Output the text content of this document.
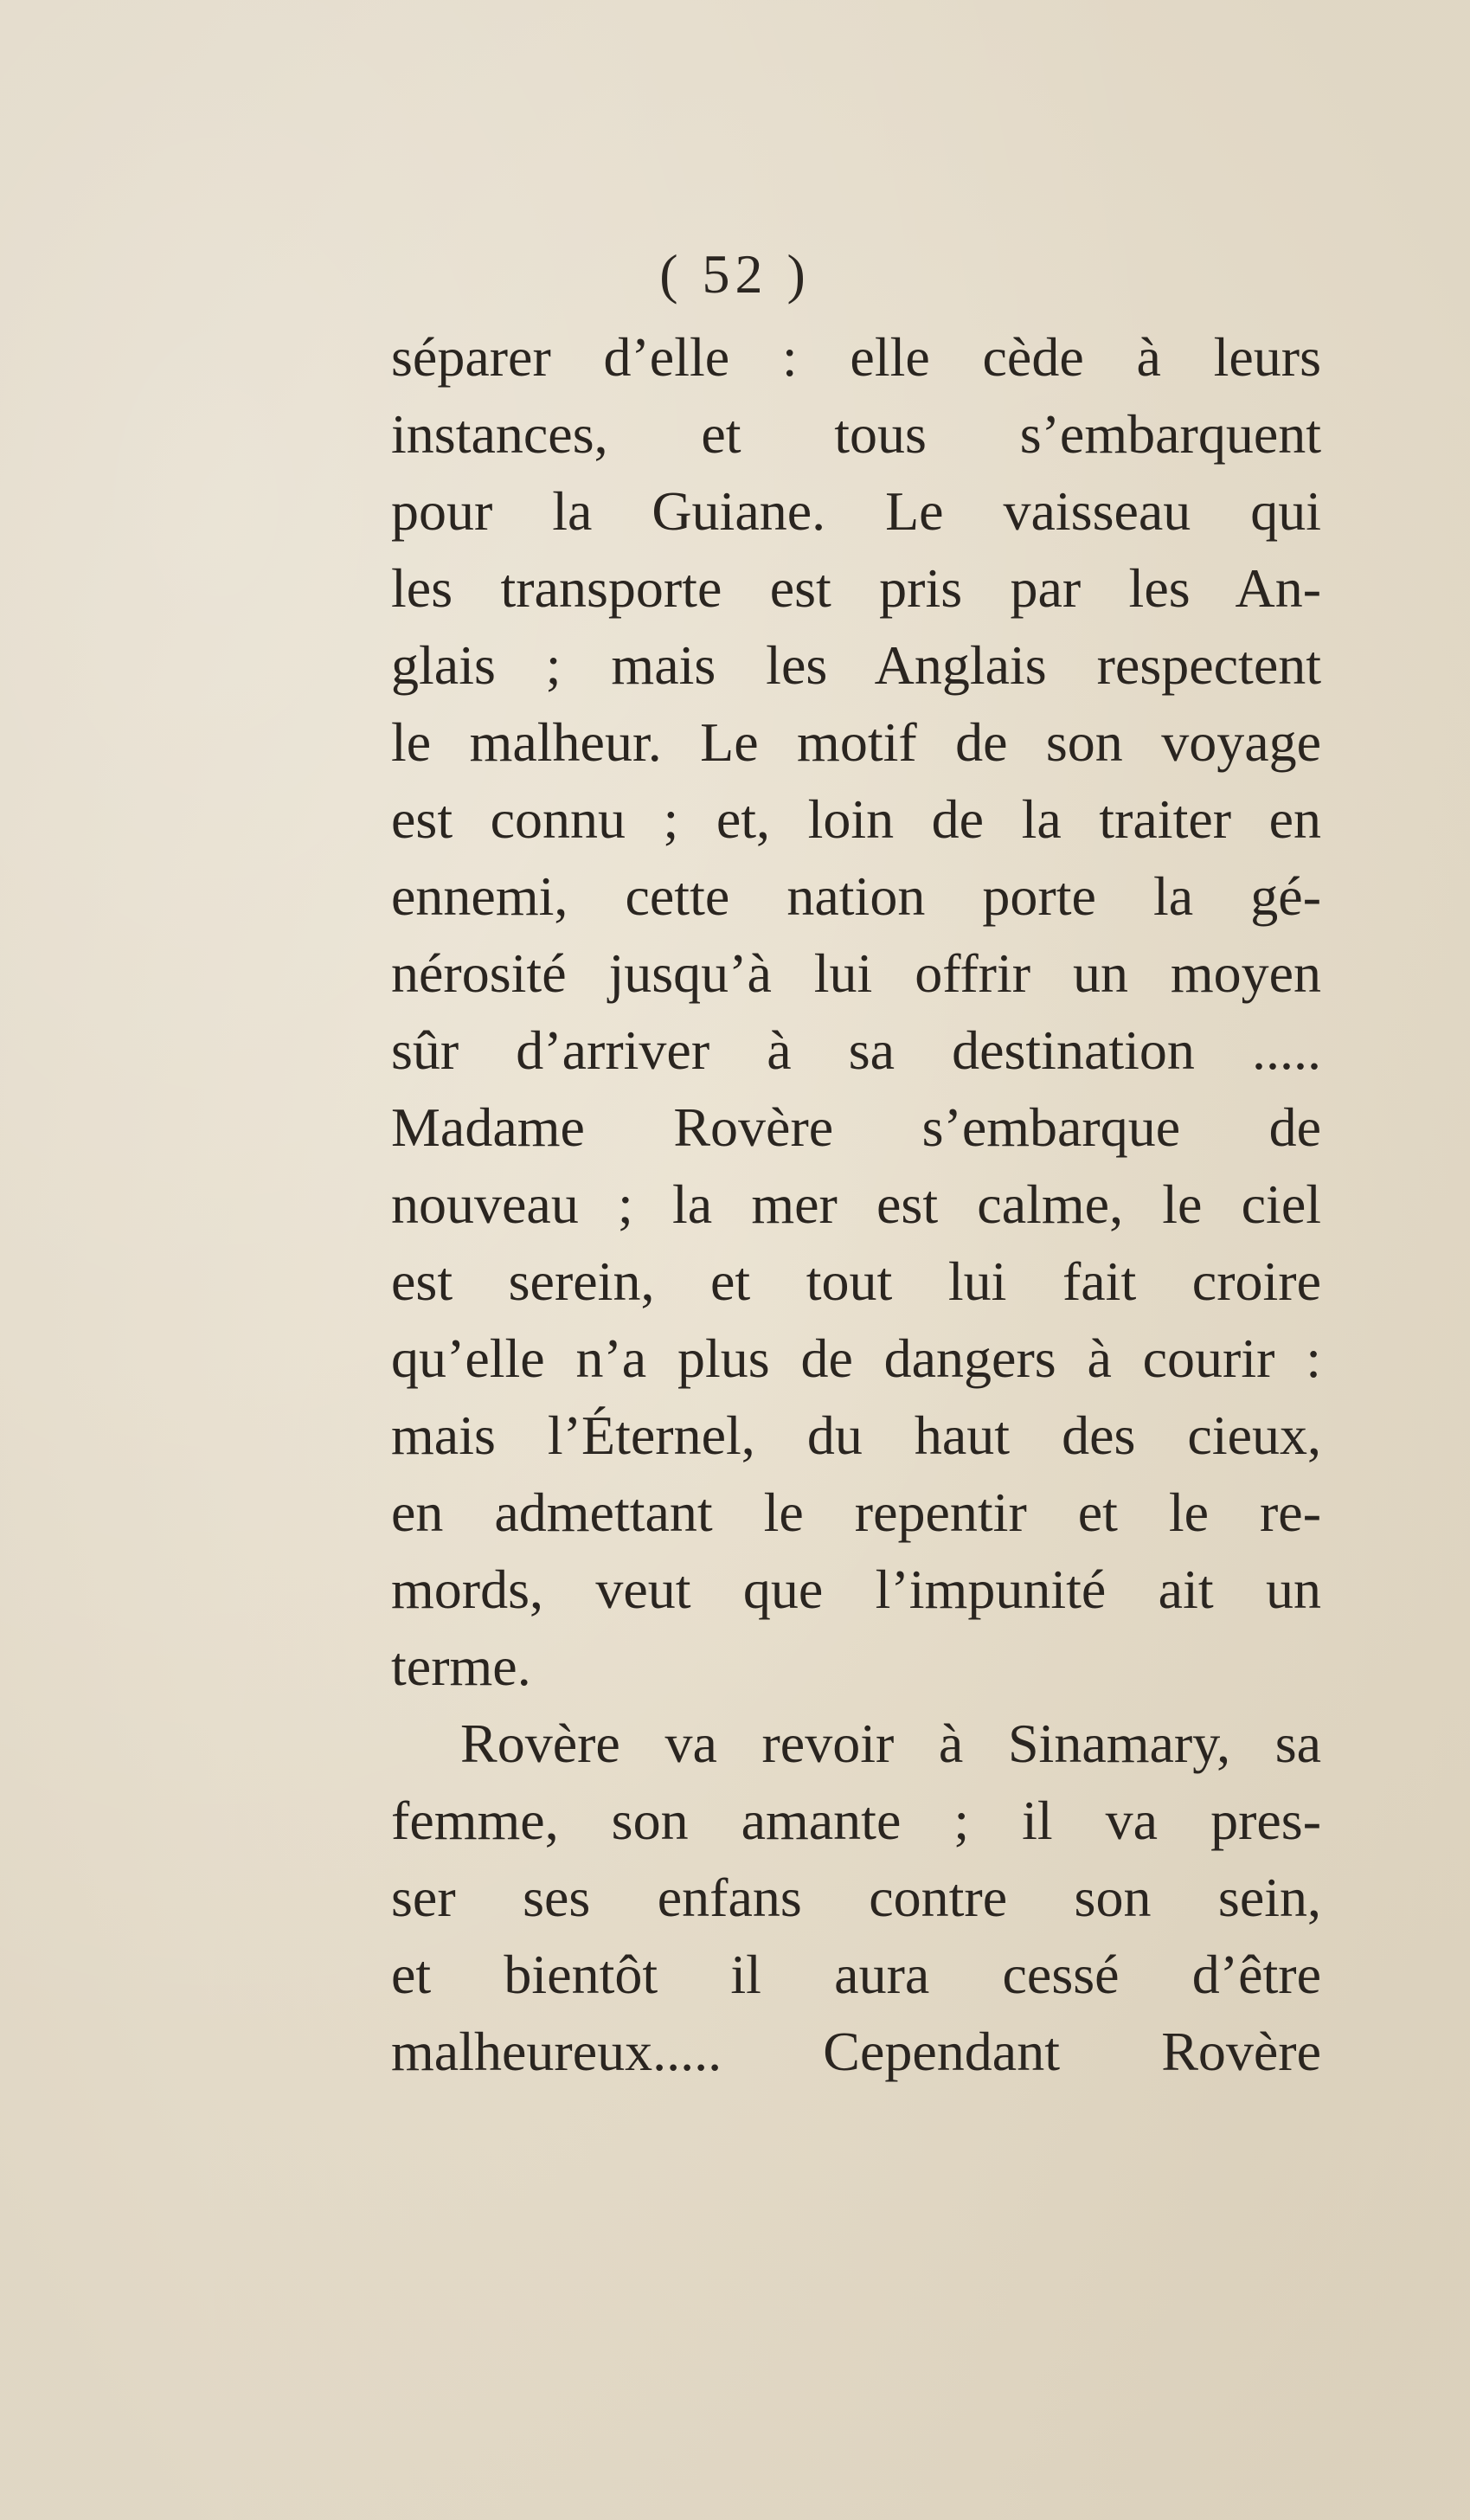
( 52 )
séparer d’elle : elle cède à leurs
instances, et tous s’embarquent
pour la Guiane. Le vaisseau qui
les transporte est pris par les An-
glais ; mais les Anglais respectent
le malheur. Le motif de son voyage
est connu ; et, loin de la traiter en
ennemi, cette nation porte la gé-
nérosité jusqu’à lui offrir un moyen
sûr d’arriver à sa destination .....
Madame Rovère s’embarque de
nouveau ; la mer est calme, le ciel
est serein, et tout lui fait croire
qu’elle n’a plus de dangers à courir :
mais l’Éternel, du haut des cieux,
en admettant le repentir et le re-
mords, veut que l’impunité ait un
terme.
Rovère va revoir à Sinamary, sa
femme, son amante ; il va pres-
ser ses enfans contre son sein,
et bientôt il aura cessé d’être
malheureux..... Cependant Rovère
